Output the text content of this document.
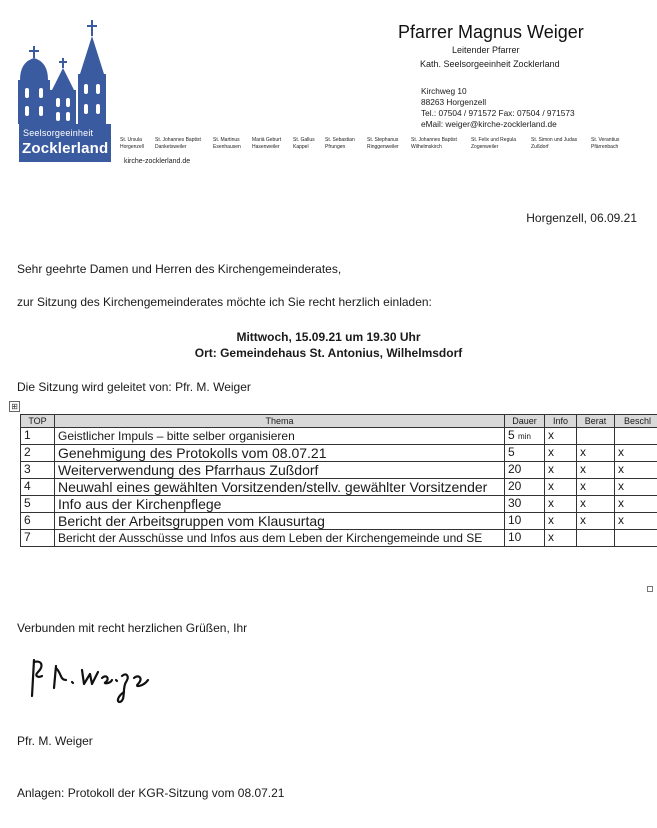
Seelsorgeeinheit
Zocklerland
Pfarrer Magnus Weiger
Leitender Pfarrer
Kath. Seelsorgeeinheit Zocklerland
Kirchweg 10
88263 Horgenzell
Tel.: 07504 / 971572 Fax: 07504 / 971573
eMail: weiger@kirche-zocklerland.de
St. Ursula
Horgenzell
St. Johannes Baptist
Danketsweiler
St. Martinus
Esenhausen
Mariä Geburt
Hasenweiler
St. Gallus
Kappel
St. Sebastian
Pfrungen
St. Stephanus
Ringgenweiler
St. Johannes Baptist
Wilhelmskirch
St. Felix und Regula
Zogenweiler
St. Simon und Judas
Zußdorf
St. Verantius
Pfärrenbach
kirche-zocklerland.de
Horgenzell, 06.09.21
Sehr geehrte Damen und Herren des Kirchengemeinderates,
zur Sitzung des Kirchengemeinderates möchte ich Sie recht herzlich einladen:
Mittwoch, 15.09.21 um 19.30 Uhr
Ort: Gemeindehaus St. Antonius, Wilhelmsdorf
Die Sitzung wird geleitet von: Pfr. M. Weiger
⊞
TOP	Thema	Dauer	Info	Berat	Beschl
1	Geistlicher Impuls – bitte selber organisieren	5 min	x		
2	Genehmigung des Protokolls vom 08.07.21	5	x	x	x
3	Weiterverwendung des Pfarrhaus Zußdorf	20	x	x	x
4	Neuwahl eines gewählten Vorsitzenden/stellv. gewählter Vorsitzender	20	x	x	x
5	Info aus der Kirchenpflege	30	x	x	x
6	Bericht der Arbeitsgruppen vom Klausurtag	10	x	x	x
7	Bericht der Ausschüsse und Infos aus dem Leben der Kirchengemeinde und SE	10	x		
Verbunden mit recht herzlichen Grüßen, Ihr
Pfr. M. Weiger
Anlagen: Protokoll der KGR-Sitzung vom 08.07.21
